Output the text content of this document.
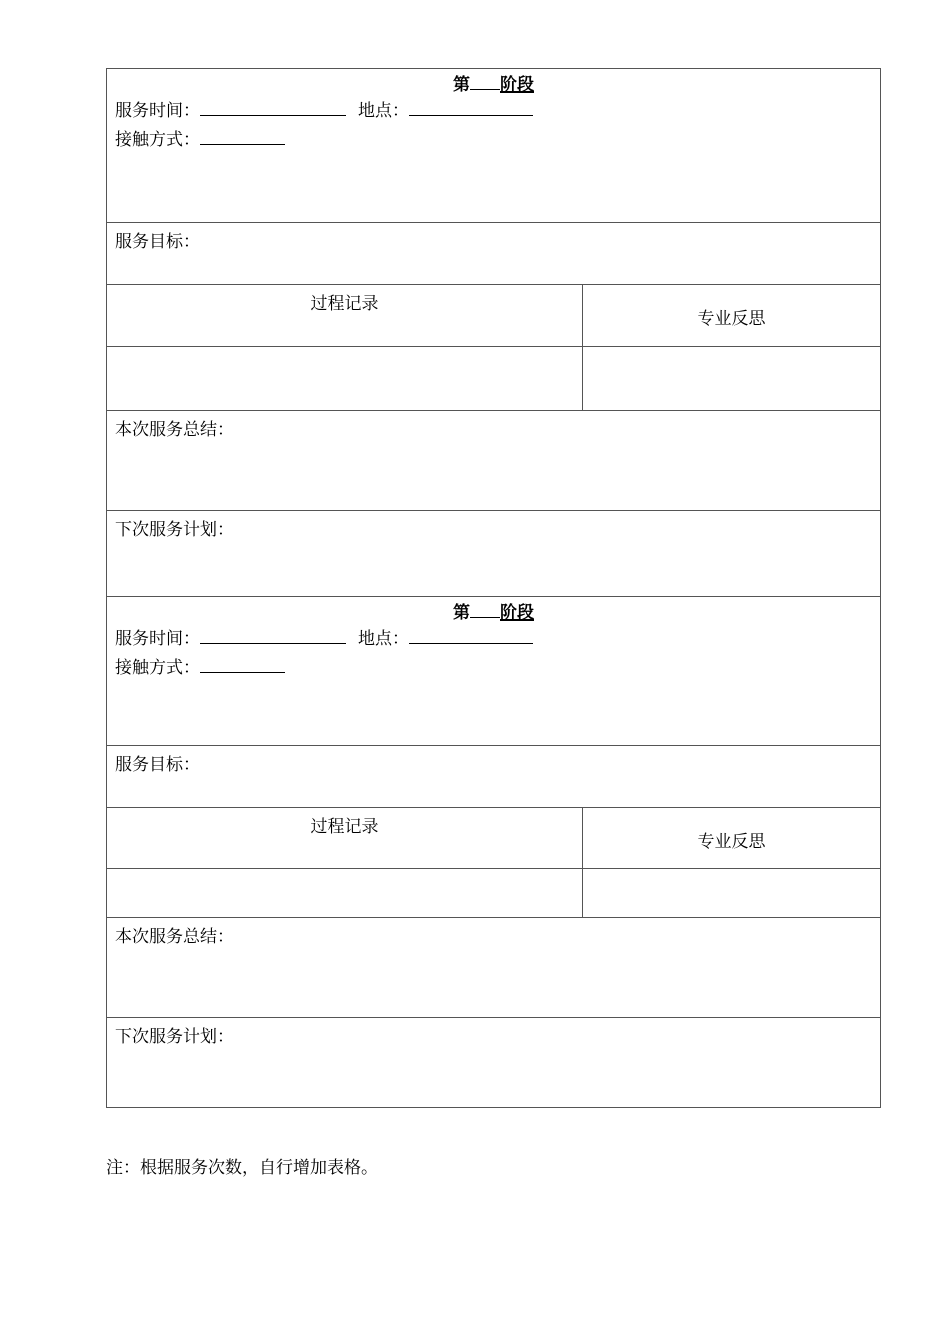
第 阶段
服务时间：	地点：
接触方式：
服务目标：
过程记录
专业反思
本次服务总结：
下次服务计划：
第 阶段
服务时间：	地点：
接触方式：
服务目标：
过程记录
专业反思
本次服务总结：
下次服务计划：
注：根据服务次数，自行增加表格。
